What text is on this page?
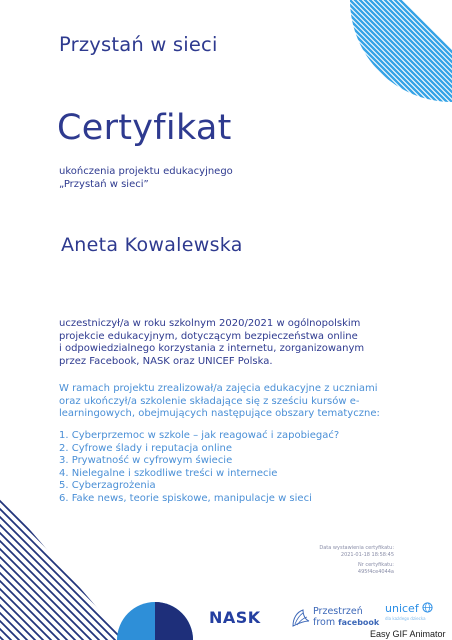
Przystań w sieci
Certyfikat
ukończenia projektu edukacyjnego
„Przystań w sieci”
Aneta Kowalewska
uczestniczył/a w roku szkolnym 2020/2021 w ogólnopolskim
projekcie edukacyjnym, dotyczącym bezpieczeństwa online
i odpowiedzialnego korzystania z internetu, zorganizowanym
przez Facebook, NASK oraz UNICEF Polska.
W ramach projektu zrealizował/a zajęcia edukacyjne z uczniami
oraz ukończył/a szkolenie składające się z sześciu kursów e-
learningowych, obejmujących następujące obszary tematyczne:
1. Cyberprzemoc w szkole – jak reagować i zapobiegać?
2. Cyfrowe ślady i reputacja online
3. Prywatność w cyfrowym świecie
4. Nielegalne i szkodliwe treści w internecie
5. Cyberzagrożenia
6. Fake news, teorie spiskowe, manipulacje w sieci
Data wystawienia certyfikatu:
2021-01-18 18:58:45
Nr certyfikatu:
495f4ce4044a
NASK	Przestrzeń
from facebook
unicef
dla każdego dziecka
Easy GIF Animator
